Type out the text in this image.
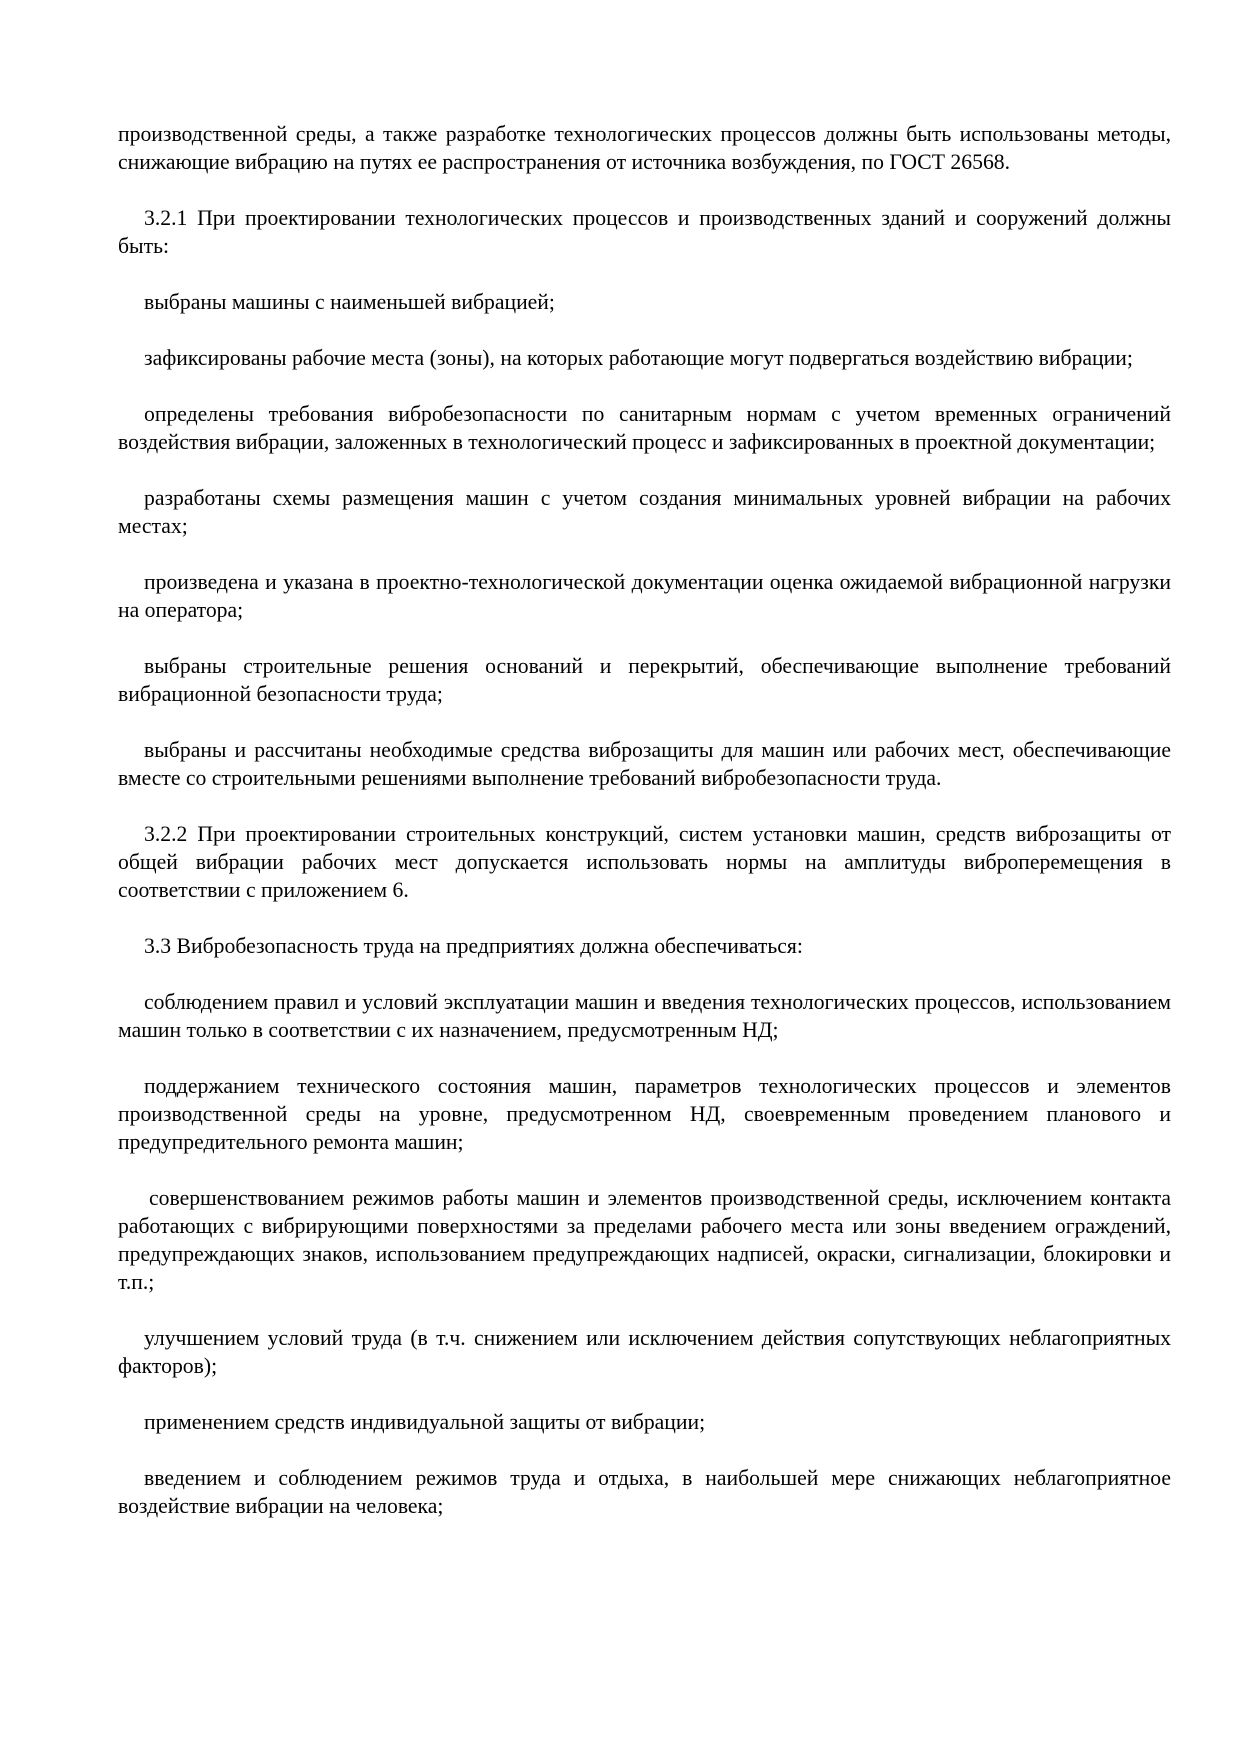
производственной среды, а также разработке технологических процессов должны быть использованы методы, снижающие вибрацию на путях ее распространения от источника возбуждения, по ГОСТ 26568.

3.2.1 При проектировании технологических процессов и производственных зданий и сооружений должны быть:

выбраны машины с наименьшей вибрацией;

зафиксированы рабочие места (зоны), на которых работающие могут подвергаться воздействию вибрации;

определены требования вибробезопасности по санитарным нормам с учетом временных ограничений воздействия вибрации, заложенных в технологический процесс и зафиксированных в проектной документации;

разработаны схемы размещения машин с учетом создания минимальных уровней вибрации на рабочих местах;

произведена и указана в проектно-технологической документации оценка ожидаемой вибрационной нагрузки на оператора;

выбраны строительные решения оснований и перекрытий, обеспечивающие выполнение требований вибрационной безопасности труда;

выбраны и рассчитаны необходимые средства виброзащиты для машин или рабочих мест, обеспечивающие вместе со строительными решениями выполнение требований вибробезопасности труда.

3.2.2 При проектировании строительных конструкций, систем установки машин, средств виброзащиты от общей вибрации рабочих мест допускается использовать нормы на амплитуды виброперемещения в соответствии с приложением 6.

3.3 Вибробезопасность труда на предприятиях должна обеспечиваться:

соблюдением правил и условий эксплуатации машин и введения технологических процессов, использованием машин только в соответствии с их назначением, предусмотренным НД;

поддержанием технического состояния машин, параметров технологических процессов и элементов производственной среды на уровне, предусмотренном НД, своевременным проведением планового и предупредительного ремонта машин;

совершенствованием режимов работы машин и элементов производственной среды, исключением контакта работающих с вибрирующими поверхностями за пределами рабочего места или зоны введением ограждений, предупреждающих знаков, использованием предупреждающих надписей, окраски, сигнализации, блокировки и т.п.;

улучшением условий труда (в т.ч. снижением или исключением действия сопутствующих неблагоприятных факторов);

применением средств индивидуальной защиты от вибрации;

введением и соблюдением режимов труда и отдыха, в наибольшей мере снижающих неблагоприятное воздействие вибрации на человека;
